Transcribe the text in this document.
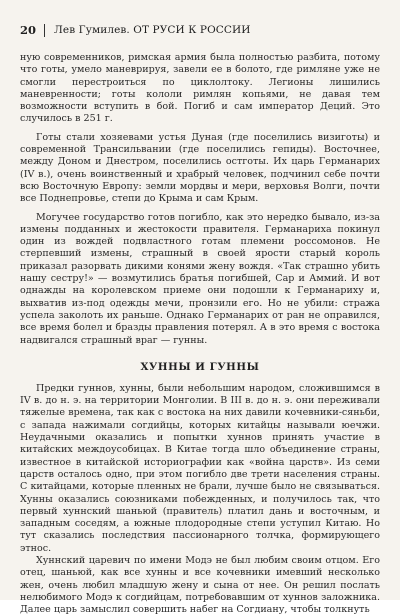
20 Лев Гумилев. ОТ РУСИ К РОССИИ

ную современников, римская армия была полностью разбита, потому что готы, умело маневрируя, завели ее в болото, где римляне уже не смогли перестроиться по циклолтоку. Легионы лишились маневренности; готы кололи римлян копьями, не давая тем возможности вступить в бой. Погиб и сам император Деций. Это случилось в 251 г.

Готы стали хозяевами устья Дуная (где поселились визиготы) и современной Трансильвании (где поселились гепиды). Восточнее, между Доном и Днестром, поселились остготы. Их царь Германарих (IV в.), очень воинственный и храбрый человек, подчинил себе почти всю Восточную Европу: земли мордвы и мери, верховья Волги, почти все Поднепровье, степи до Крыма и сам Крым.

Могучее государство готов погибло, как это нередко бывало, из-за измены подданных и жестокости правителя. Германариха покинул один из вождей подвластного готам племени россомонов. Не стерпевший измены, страшный в своей ярости старый король приказал разорвать дикими конями жену вождя. «Так страшно убить нашу сестру!» — возмутились братья погибшей, Сар и Аммий. И вот однажды на королевском приеме они подошли к Германариху и, выхватив из-под одежды мечи, пронзили его. Но не убили: стража успела заколоть их раньше. Однако Германарих от ран не оправился, все время болел и бразды правления потерял. А в это время с востока надвигался страшный враг — гунны.

ХУННЫ И ГУННЫ

Предки гуннов, хунны, были небольшим народом, сложившимся в IV в. до н. э. на территории Монголии. В III в. до н. э. они переживали тяжелые времена, так как с востока на них давили кочевники-сяньби, с запада нажимали согдийцы, которых китайцы называли юечжи. Неудачными оказались и попытки хуннов принять участие в китайских междоусобицах. В Китае тогда шло объединение страны, известное в китайской историографии как «война царств». Из семи царств осталось одно, при этом погибло две трети населения страны. С китайцами, которые пленных не брали, лучше было не связываться. Хунны оказались союзниками побежденных, и получилось так, что первый хуннский шаньюй (правитель) платил дань и восточным, и западным соседям, а южные плодородные степи уступил Китаю. Но тут сказались последствия пассионарного толчка, формирующего этнос.

Хуннский царевич по имени Модэ не был любим своим отцом. Его отец, шаньюй, как все хунны и все кочевники имевший несколько жен, очень любил младшую жену и сына от нее. Он решил послать нелюбимого Модэ к согдийцам, потребовавшим от хуннов заложника. Далее царь замыслил совершить набег на Согдиану, чтобы толкнуть
